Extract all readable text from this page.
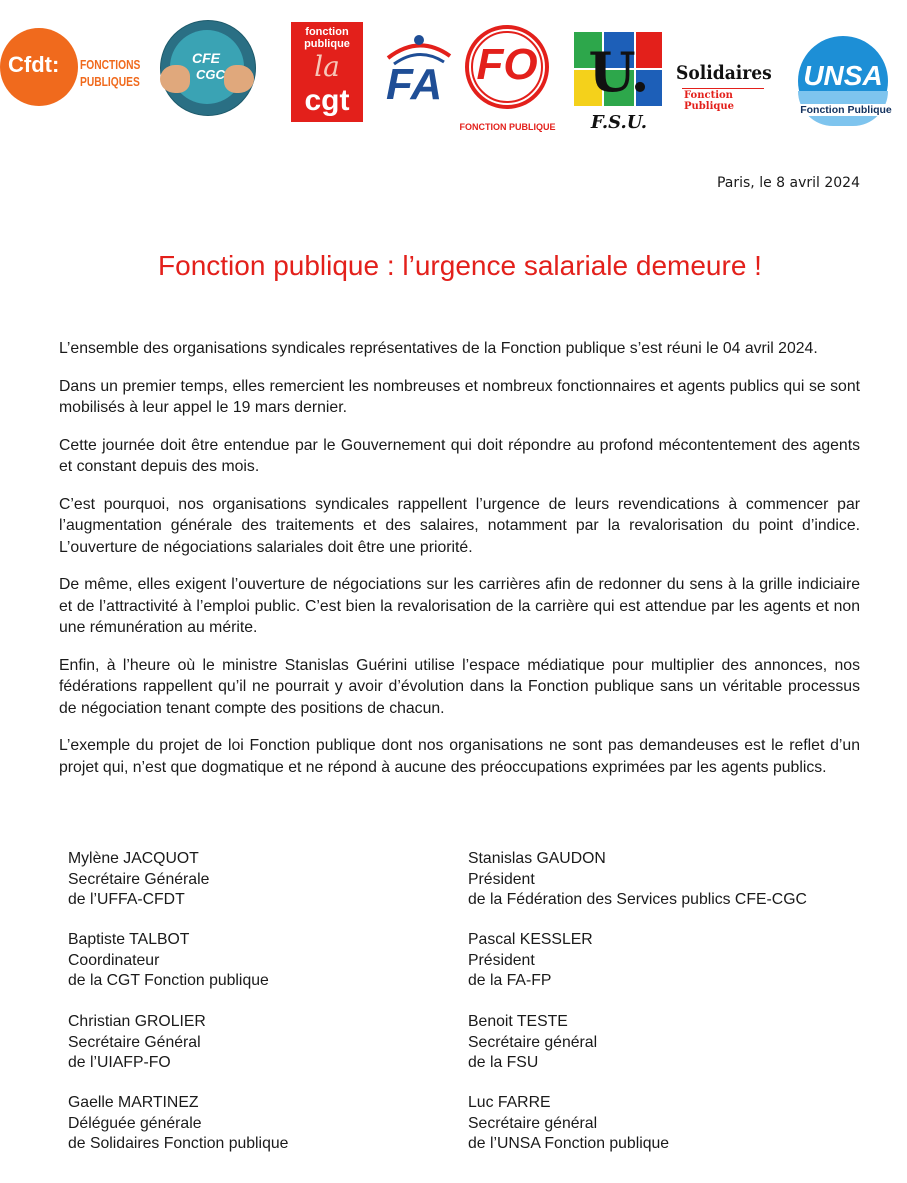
Cfdt: FONCTIONS
PUBLIQUES
CFE
CGC
fonction
publique
la
cgt FA FO
FONCTION PUBLIQUE
U.
F.S.U.
Solidaires
Fonction Publique
UNSA
Fonction Publique
Paris, le 8 avril 2024
Fonction publique : l’urgence salariale demeure !

L’ensemble des organisations syndicales représentatives de la Fonction publique s’est réuni le 04 avril 2024.

Dans un premier temps, elles remercient les nombreuses et nombreux fonctionnaires et agents publics qui se sont mobilisés à leur appel le 19 mars dernier.

Cette journée doit être entendue par le Gouvernement qui doit répondre au profond mécontentement des agents et constant depuis des mois.

C’est pourquoi, nos organisations syndicales rappellent l’urgence de leurs revendications à commencer par l’augmentation générale des traitements et des salaires, notamment par la revalorisation du point d’indice. L’ouverture de négociations salariales doit être une priorité.

De même, elles exigent l’ouverture de négociations sur les carrières afin de redonner du sens à la grille indiciaire et de l’attractivité à l’emploi public. C’est bien la revalorisation de la carrière qui est attendue par les agents et non une rémunération au mérite.

Enfin, à l’heure où le ministre Stanislas Guérini utilise l’espace médiatique pour multiplier des annonces, nos fédérations rappellent qu’il ne pourrait y avoir d’évolution dans la Fonction publique sans un véritable processus de négociation tenant compte des positions de chacun.

L’exemple du projet de loi Fonction publique dont nos organisations ne sont pas demandeuses est le reflet d’un projet qui, n’est que dogmatique et ne répond à aucune des préoccupations exprimées par les agents publics.

Mylène JACQUOT
Secrétaire Générale
de l’UFFA-CFDT
Stanislas GAUDON
Président
de la Fédération des Services publics CFE-CGC
Baptiste TALBOT
Coordinateur
de la CGT Fonction publique
Pascal KESSLER
Président
de la FA-FP
Christian GROLIER
Secrétaire Général
de l’UIAFP-FO
Benoit TESTE
Secrétaire général
de la FSU
Gaelle MARTINEZ
Déléguée générale
de Solidaires Fonction publique
Luc FARRE
Secrétaire général
de l’UNSA Fonction publique
